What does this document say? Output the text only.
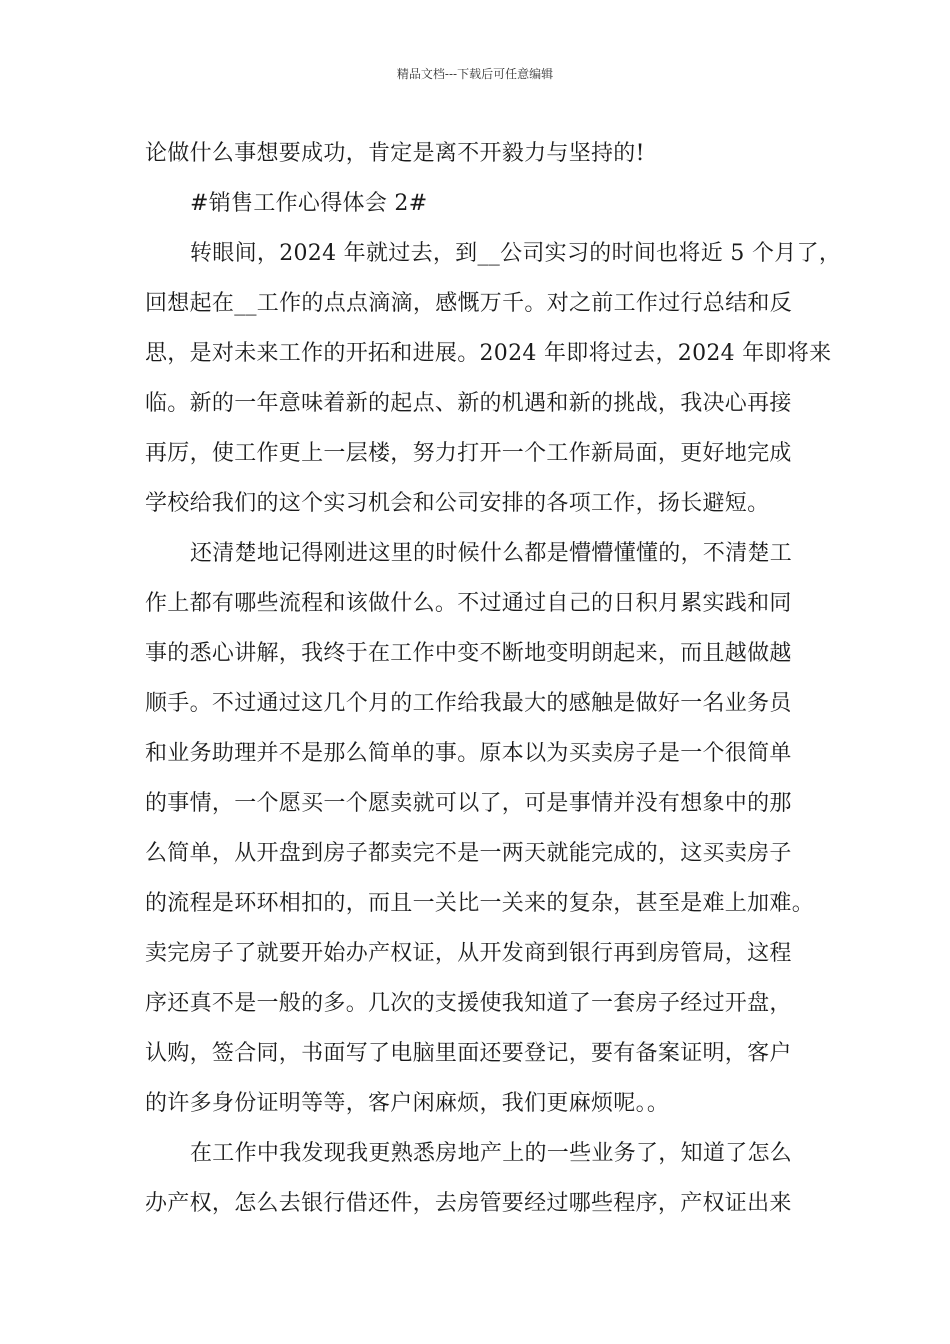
精品文档---下载后可任意编辑
论做什么事想要成功，肯定是离不开毅力与坚持的!
#销售工作心得体会 2#
转眼间，2024 年就过去，到__公司实习的时间也将近 5 个月了，
回想起在__工作的点点滴滴，感慨万千。对之前工作过行总结和反
思，是对未来工作的开拓和进展。2024 年即将过去，2024 年即将来
临。新的一年意味着新的起点、新的机遇和新的挑战，我决心再接
再厉，使工作更上一层楼，努力打开一个工作新局面，更好地完成
学校给我们的这个实习机会和公司安排的各项工作，扬长避短。
还清楚地记得刚进这里的时候什么都是懵懵懂懂的，不清楚工
作上都有哪些流程和该做什么。不过通过自己的日积月累实践和同
事的悉心讲解，我终于在工作中变不断地变明朗起来，而且越做越
顺手。不过通过这几个月的工作给我最大的感触是做好一名业务员
和业务助理并不是那么简单的事。原本以为买卖房子是一个很简单
的事情，一个愿买一个愿卖就可以了，可是事情并没有想象中的那
么简单，从开盘到房子都卖完不是一两天就能完成的，这买卖房子
的流程是环环相扣的，而且一关比一关来的复杂，甚至是难上加难。
卖完房子了就要开始办产权证，从开发商到银行再到房管局，这程
序还真不是一般的多。几次的支援使我知道了一套房子经过开盘，
认购，签合同，书面写了电脑里面还要登记，要有备案证明，客户
的许多身份证明等等，客户闲麻烦，我们更麻烦呢。。
在工作中我发现我更熟悉房地产上的一些业务了，知道了怎么
办产权，怎么去银行借还件，去房管要经过哪些程序，产权证出来
